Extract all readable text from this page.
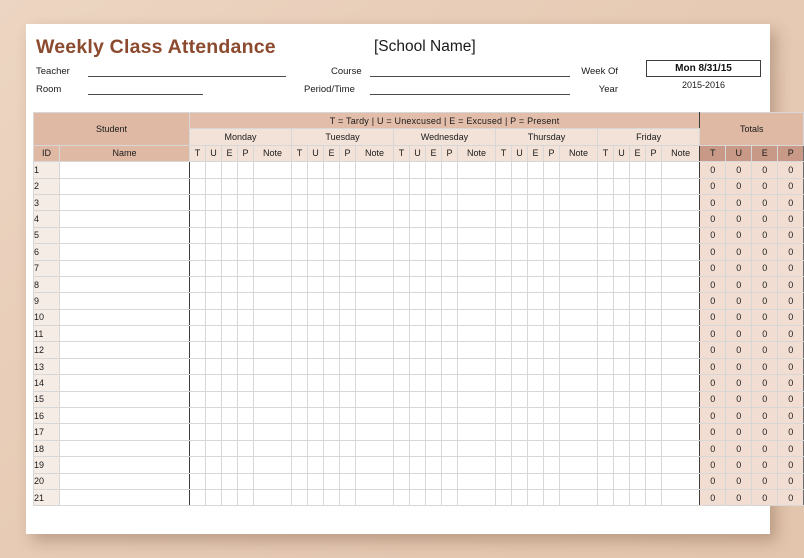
Weekly Class Attendance	[School Name]
Teacher
Room
Course
Period/Time
Week Of	Mon 8/31/15
Year	2015-2016
Student		T = Tardy | U = Unexcused | E = Excused | P = Present																									Totals			
		Monday					Tuesday					Wednesday					Thursday					Friday								
ID	Name	T	U	E	P	Note	T	U	E	P	Note	T	U	E	P	Note	T	U	E	P	Note	T	U	E	P	Note	T	U	E	P
1																											0	0	0	0
2																											0	0	0	0
3																											0	0	0	0
4																											0	0	0	0
5																											0	0	0	0
6																											0	0	0	0
7																											0	0	0	0
8																											0	0	0	0
9																											0	0	0	0
10																											0	0	0	0
11																											0	0	0	0
12																											0	0	0	0
13																											0	0	0	0
14																											0	0	0	0
15																											0	0	0	0
16																											0	0	0	0
17																											0	0	0	0
18																											0	0	0	0
19																											0	0	0	0
20																											0	0	0	0
21																											0	0	0	0
